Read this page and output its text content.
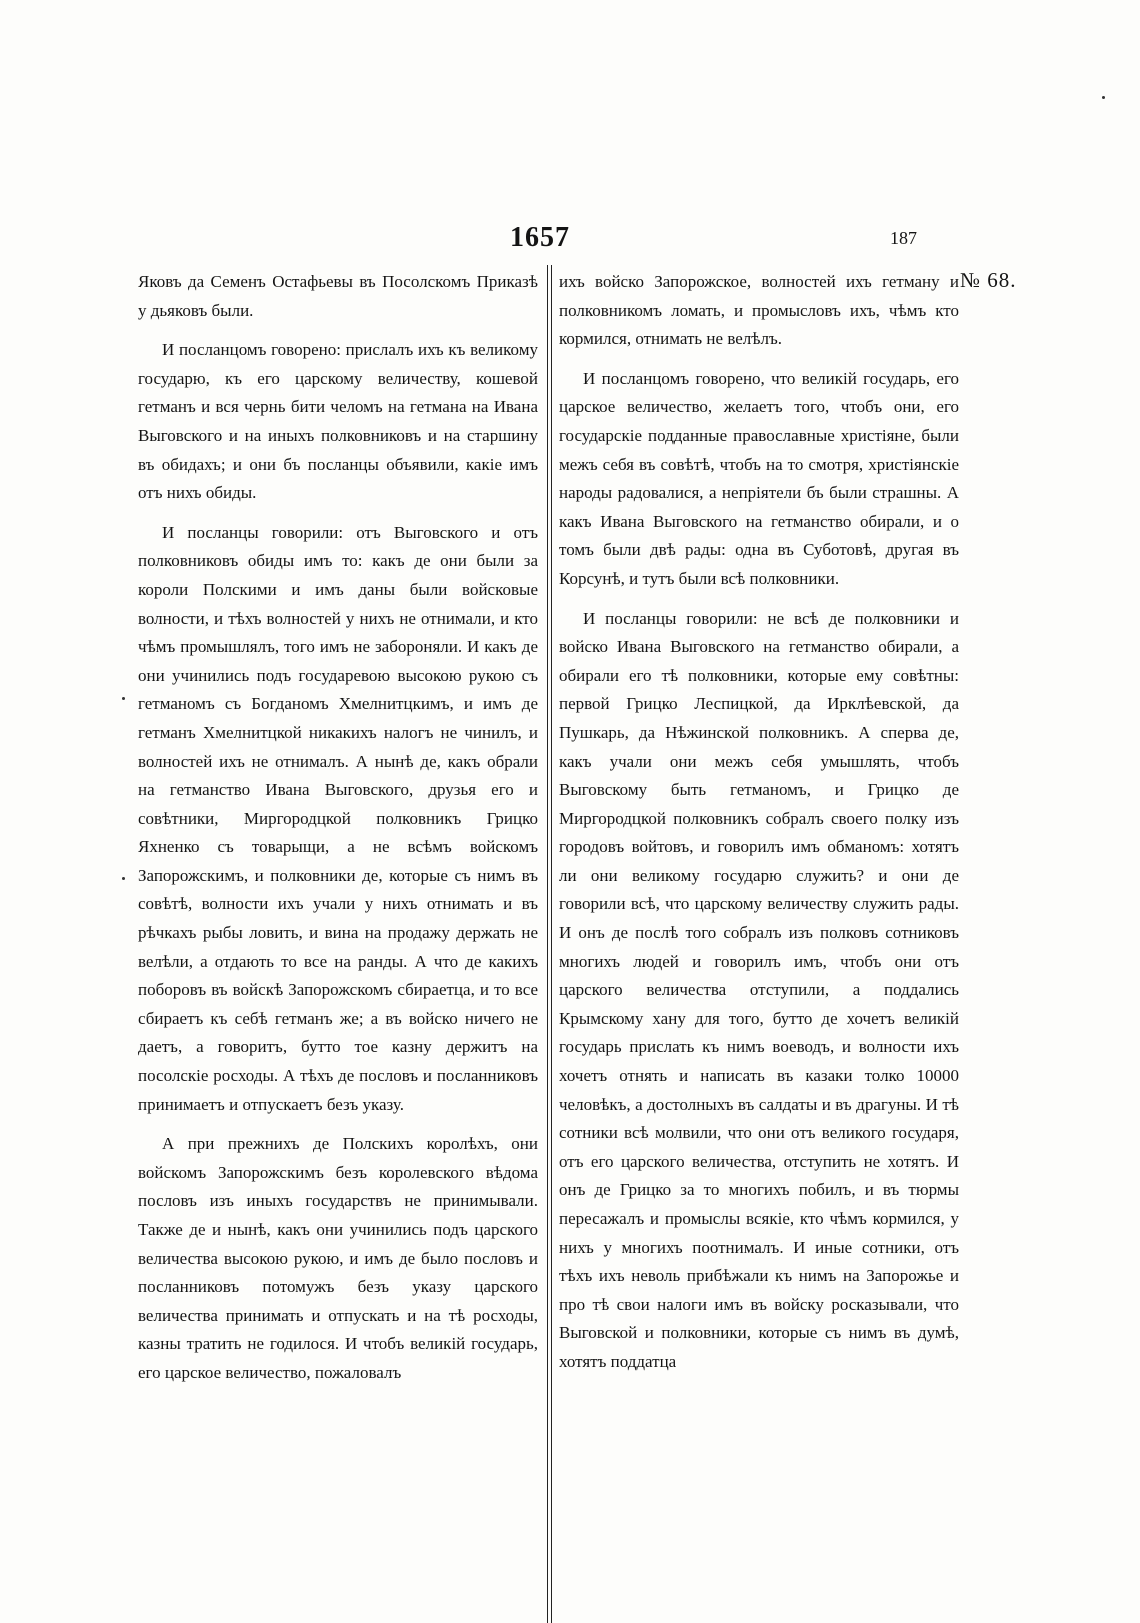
1657	187
№ 68.

Яковъ да Семенъ Остафьевы въ Посолскомъ Приказѣ у дьяковъ были.

И посланцомъ говорено: прислалъ ихъ къ великому государю, къ его царскому величеству, кошевой гетманъ и вся чернь бити челомъ на гетмана на Ивана Выговского и на иныхъ полковниковъ и на старшину въ обидахъ; и они бъ посланцы объявили, какіе имъ отъ нихъ обиды.

И посланцы говорили: отъ Выговского и отъ полковниковъ обиды имъ то: какъ де они были за короли Полскими и имъ даны были войсковые волности, и тѣхъ волностей у нихъ не отнимали, и кто чѣмъ промышлялъ, того имъ не забороняли. И какъ де они учинились подъ государевою высокою рукою съ гетманомъ съ Богданомъ Хмелнитцкимъ, и имъ де гетманъ Хмелнитцкой никакихъ налогъ не чинилъ, и волностей ихъ не отнималъ. А нынѣ де, какъ обрали на гетманство Ивана Выговского, друзья его и совѣтники, Миргородцкой полковникъ Грицко Яхненко съ товарыщи, а не всѣмъ войскомъ Запорожскимъ, и полковники де, которые съ нимъ въ совѣтѣ, волности ихъ учали у нихъ отнимать и въ рѣчкахъ рыбы ловить, и вина на продажу держать не велѣли, а отдають то все на ранды. А что де какихъ поборовъ въ войскѣ Запорожскомъ сбираетца, и то все сбираетъ къ себѣ гетманъ же; а въ войско ничего не даетъ, а говоритъ, бутто тое казну держитъ на посолскіе росходы. А тѣхъ де пословъ и посланниковъ принимаетъ и отпускаетъ безъ указу.

А при прежнихъ де Полскихъ королѣхъ, они войскомъ Запорожскимъ безъ королевского вѣдома пословъ изъ иныхъ государствъ не принимывали. Также де и нынѣ, какъ они учинились подъ царского величества высокою рукою, и имъ де было пословъ и посланниковъ потомужъ безъ указу царского величества принимать и отпускать и на тѣ росходы, казны тратить не годилося. И чтобъ великій государь, его царское величество, пожаловалъ

ихъ войско Запорожское, волностей ихъ гетману и полковникомъ ломать, и промысловъ ихъ, чѣмъ кто кормился, отнимать не велѣлъ.

И посланцомъ говорено, что великій государь, его царское величество, желаетъ того, чтобъ они, его государскіе подданные православные христіяне, были межъ себя въ совѣтѣ, чтобъ на то смотря, христіянскіе народы радовалися, а непріятели бъ были страшны. А какъ Ивана Выговского на гетманство обирали, и о томъ были двѣ рады: одна въ Суботовѣ, другая въ Корсунѣ, и тутъ были всѣ полковники.

И посланцы говорили: не всѣ де полковники и войско Ивана Выговского на гетманство обирали, а обирали его тѣ полковники, которые ему совѣтны: первой Грицко Леспицкой, да Ирклѣевской, да Пушкарь, да Нѣжинской полковникъ. А сперва де, какъ учали они межъ себя умышлять, чтобъ Выговскому быть гетманомъ, и Грицко де Миргородцкой полковникъ собралъ своего полку изъ городовъ войтовъ, и говорилъ имъ обманомъ: хотятъ ли они великому государю служить? и они де говорили всѣ, что царскому величеству служить рады. И онъ де послѣ того собралъ изъ полковъ сотниковъ многихъ людей и говорилъ имъ, чтобъ они отъ царского величества отступили, а поддались Крымскому хану для того, бутто де хочетъ великій государь прислать къ нимъ воеводъ, и волности ихъ хочетъ отнять и написать въ казаки толко 10000 человѣкъ, а достолныхъ въ салдаты и въ драгуны. И тѣ сотники всѣ молвили, что они отъ великого государя, отъ его царского величества, отступить не хотятъ. И онъ де Грицко за то многихъ побилъ, и въ тюрмы пересажалъ и промыслы всякіе, кто чѣмъ кормился, у нихъ у многихъ поотнималъ. И иные сотники, отъ тѣхъ ихъ неволь прибѣжали къ нимъ на Запорожье и про тѣ свои налоги имъ въ войску росказывали, что Выговской и полковники, которые съ нимъ въ думѣ, хотятъ поддатца
